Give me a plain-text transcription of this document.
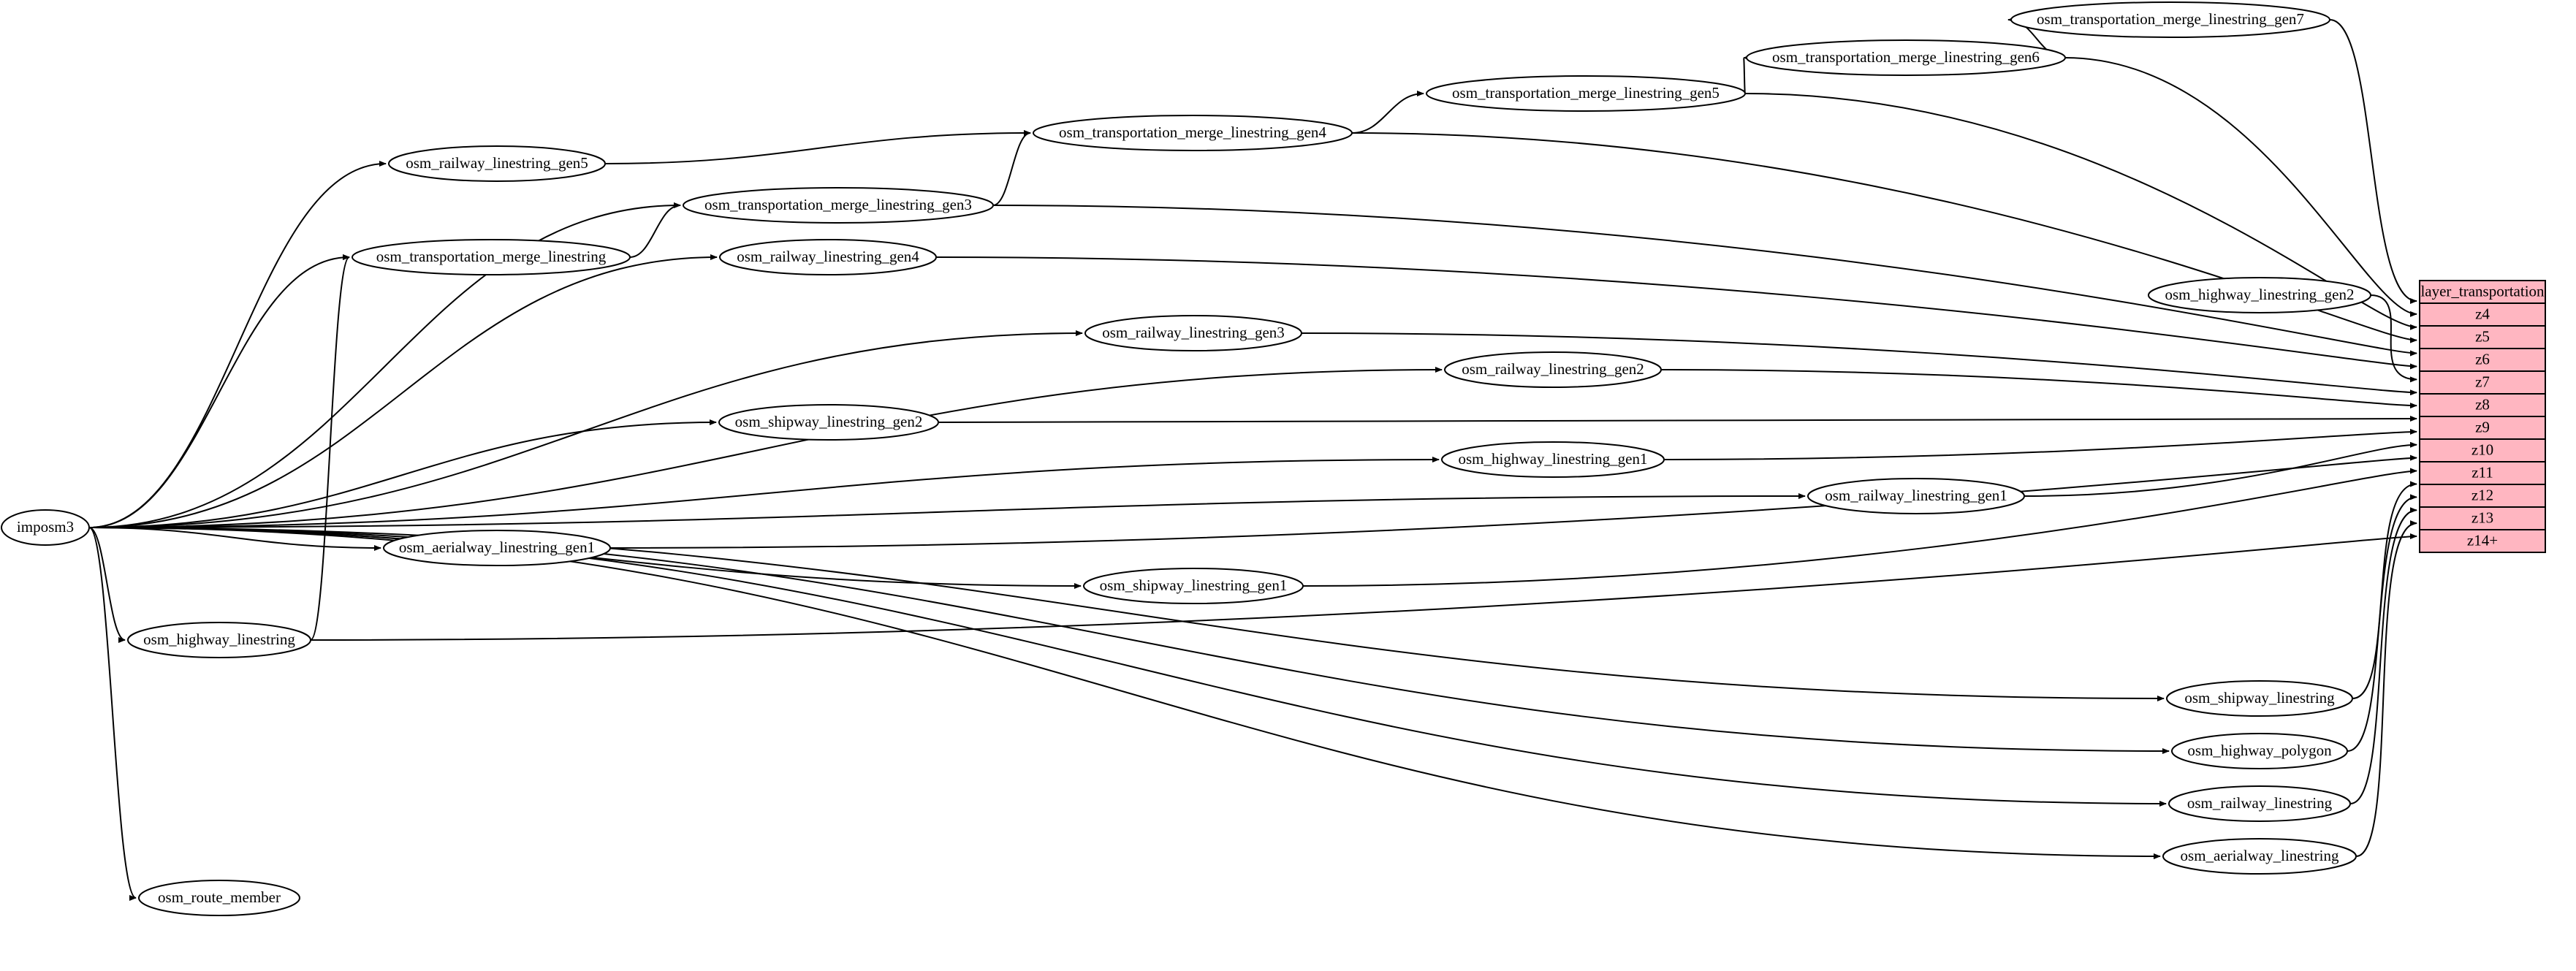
imposm3
osm_transportation_merge_linestring_gen7
osm_transportation_merge_linestring_gen6
osm_transportation_merge_linestring_gen5
osm_transportation_merge_linestring_gen4
osm_railway_linestring_gen5
osm_transportation_merge_linestring_gen3
osm_transportation_merge_linestring	osm_railway_linestring_gen4
osm_highway_linestring_gen2
osm_railway_linestring_gen3
osm_railway_linestring_gen2
osm_shipway_linestring_gen2
osm_highway_linestring_gen1
osm_railway_linestring_gen1
osm_aerialway_linestring_gen1
osm_shipway_linestring_gen1
osm_highway_linestring
osm_shipway_linestring
osm_highway_polygon
osm_railway_linestring
osm_aerialway_linestring
osm_route_member
layer_transportation
z4
z5
z6
z7
z8
z9
z10
z11
z12
z13
z14+
